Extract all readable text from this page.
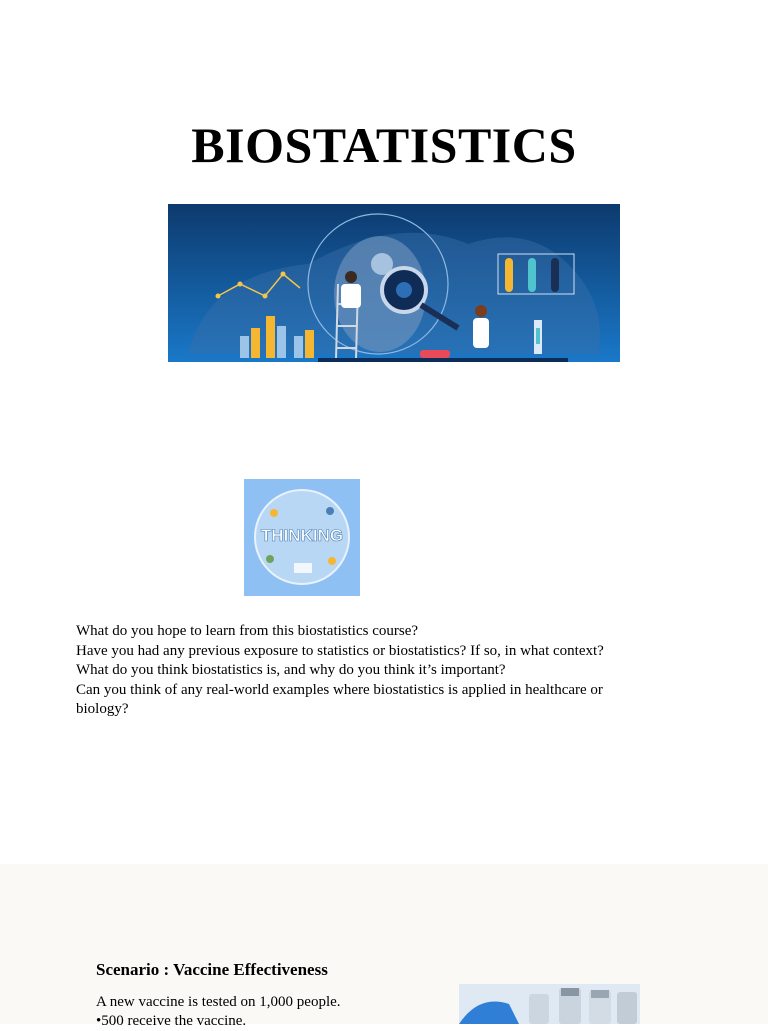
BIOSTATISTICS
THINKING

What do you hope to learn from this biostatistics course?

Have you had any previous exposure to statistics or biostatistics? If so, in what context?

What do you think biostatistics is, and why do you think it’s important?

Can you think of any real-world examples where biostatistics is applied in healthcare or biology?

Scenario : Vaccine Effectiveness

A new vaccine is tested on 1,000 people.

•500 receive the vaccine.
